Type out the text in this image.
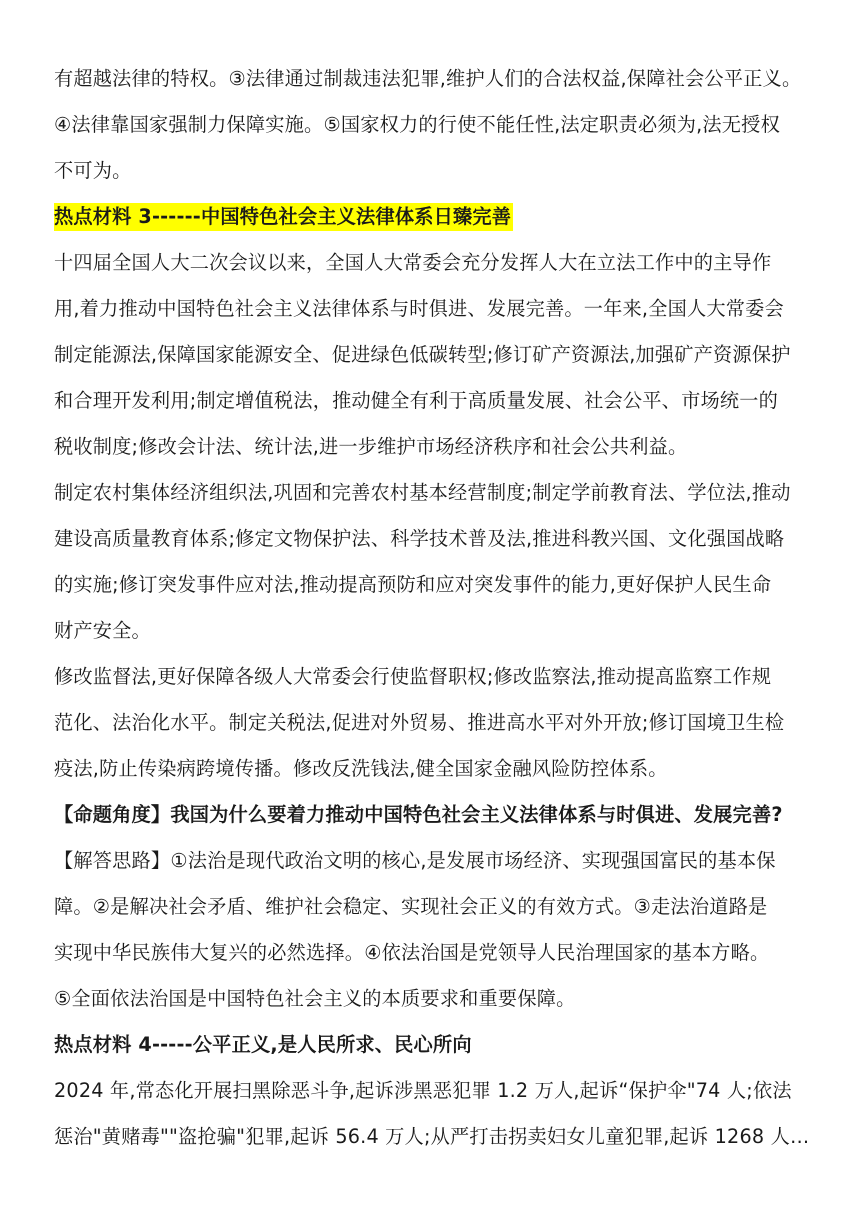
有超越法律的特权。③法律通过制裁违法犯罪,维护人们的合法权益,保障社会公平正义。
④法律靠国家强制力保障实施。⑤国家权力的行使不能任性,法定职责必须为,法无授权
不可为。
热点材料 3------中国特色社会主义法律体系日臻完善
十四届全国人大二次会议以来，全国人大常委会充分发挥人大在立法工作中的主导作
用,着力推动中国特色社会主义法律体系与时俱进、发展完善。一年来,全国人大常委会
制定能源法,保障国家能源安全、促进绿色低碳转型;修订矿产资源法,加强矿产资源保护
和合理开发利用;制定增值税法，推动健全有利于高质量发展、社会公平、市场统一的
税收制度;修改会计法、统计法,进一步维护市场经济秩序和社会公共利益。
制定农村集体经济组织法,巩固和完善农村基本经营制度;制定学前教育法、学位法,推动
建设高质量教育体系;修定文物保护法、科学技术普及法,推进科教兴国、文化强国战略
的实施;修订突发事件应对法,推动提高预防和应对突发事件的能力,更好保护人民生命
财产安全。
修改监督法,更好保障各级人大常委会行使监督职权;修改监察法,推动提高监察工作规
范化、法治化水平。制定关税法,促进对外贸易、推进高水平对外开放;修订国境卫生检
疫法,防止传染病跨境传播。修改反洗钱法,健全国家金融风险防控体系。
【命题角度】我国为什么要着力推动中国特色社会主义法律体系与时俱进、发展完善?
【解答思路】①法治是现代政治文明的核心,是发展市场经济、实现强国富民的基本保
障。②是解决社会矛盾、维护社会稳定、实现社会正义的有效方式。③走法治道路是
实现中华民族伟大复兴的必然选择。④依法治国是党领导人民治理国家的基本方略。
⑤全面依法治国是中国特色社会主义的本质要求和重要保障。
热点材料 4-----公平正义,是人民所求、民心所向
2024 年,常态化开展扫黑除恶斗争,起诉涉黑恶犯罪 1.2 万人,起诉“保护伞"74 人;依法
惩治"黄赌毒""盗抢骗"犯罪,起诉 56.4 万人;从严打击拐卖妇女儿童犯罪,起诉 1268 人…
